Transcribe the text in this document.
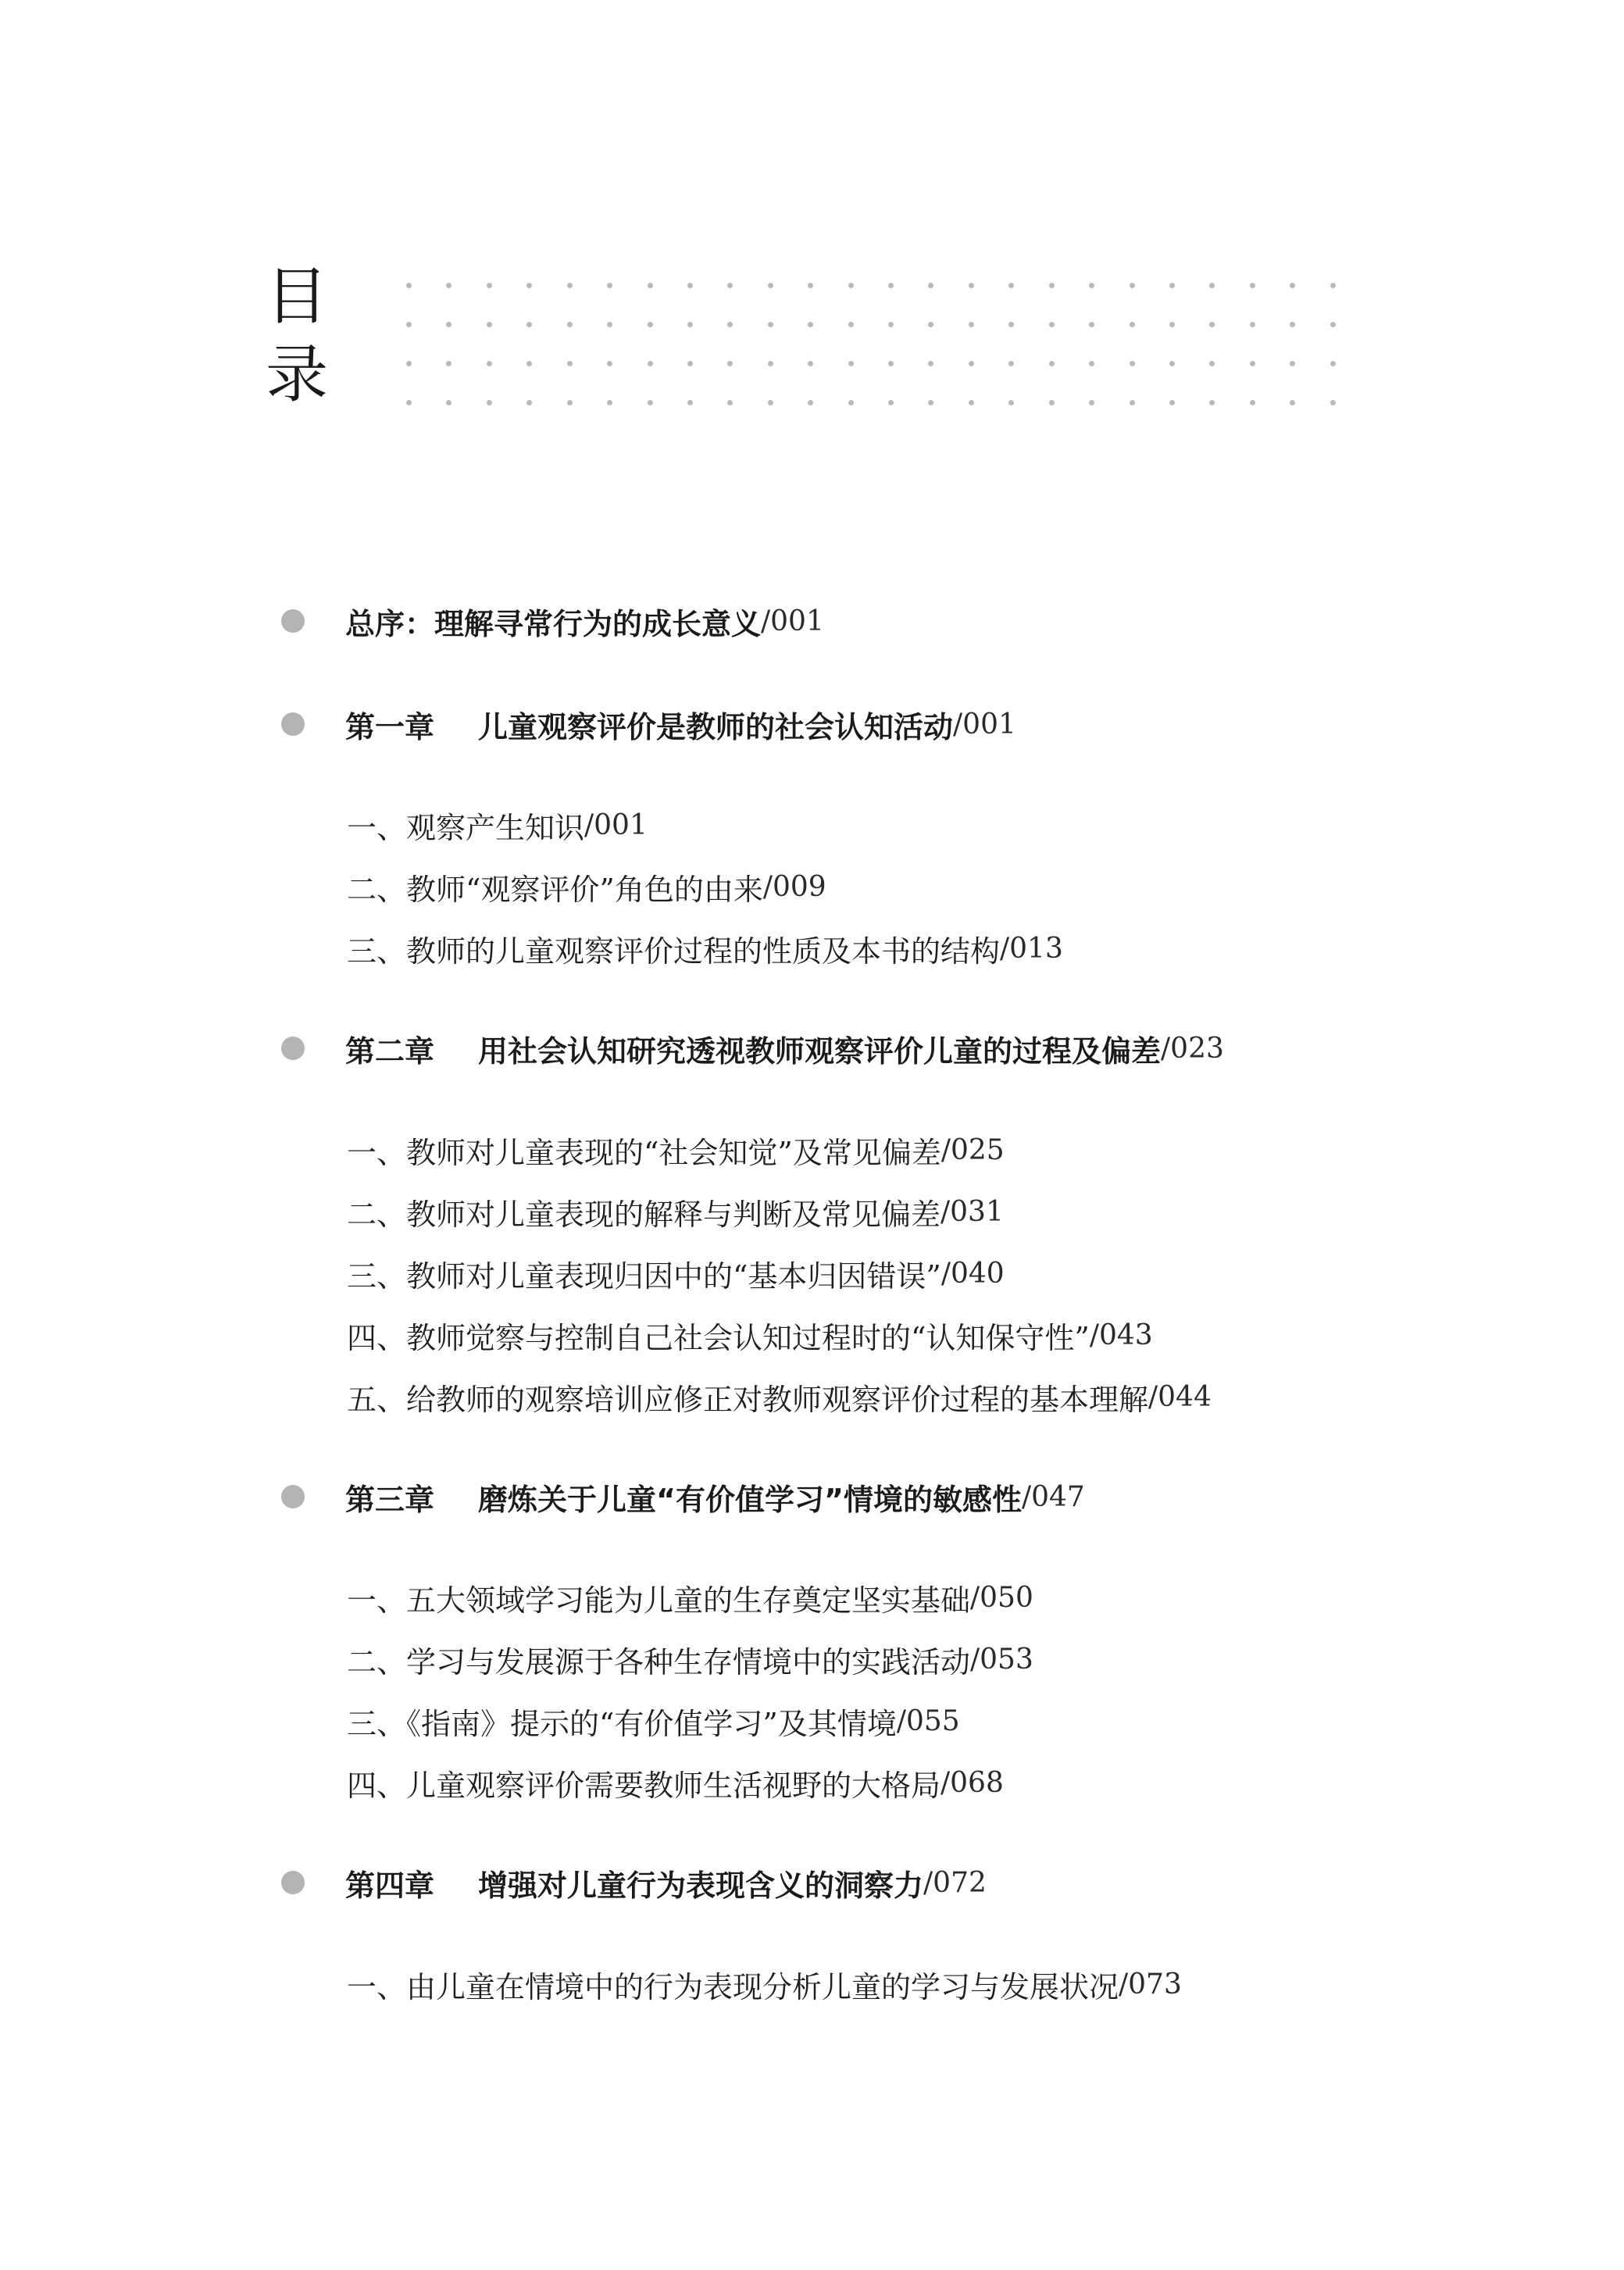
目
录
总序：理解寻常行为的成长意义 /001
第一章 儿童观察评价是教师的社会认知活动 /001
一、观察产生知识 /001
二、教师“观察评价”角色的由来 /009
三、教师的儿童观察评价过程的性质及本书的结构 /013
第二章 用社会认知研究透视教师观察评价儿童的过程及偏差 /023
一、教师对儿童表现的“社会知觉”及常见偏差 /025
二、教师对儿童表现的解释与判断及常见偏差 /031
三、教师对儿童表现归因中的“基本归因错误” /040
四、教师觉察与控制自己社会认知过程时的“认知保守性” /043
五、给教师的观察培训应修正对教师观察评价过程的基本理解 /044
第三章 磨炼关于儿童“有价值学习”情境的敏感性 /047
一、五大领域学习能为儿童的生存奠定坚实基础 /050
二、学习与发展源于各种生存情境中的实践活动 /053
三、《指南》提示的“有价值学习”及其情境 /055
四、儿童观察评价需要教师生活视野的大格局 /068
第四章 增强对儿童行为表现含义的洞察力 /072
一、由儿童在情境中的行为表现分析儿童的学习与发展状况 /073
